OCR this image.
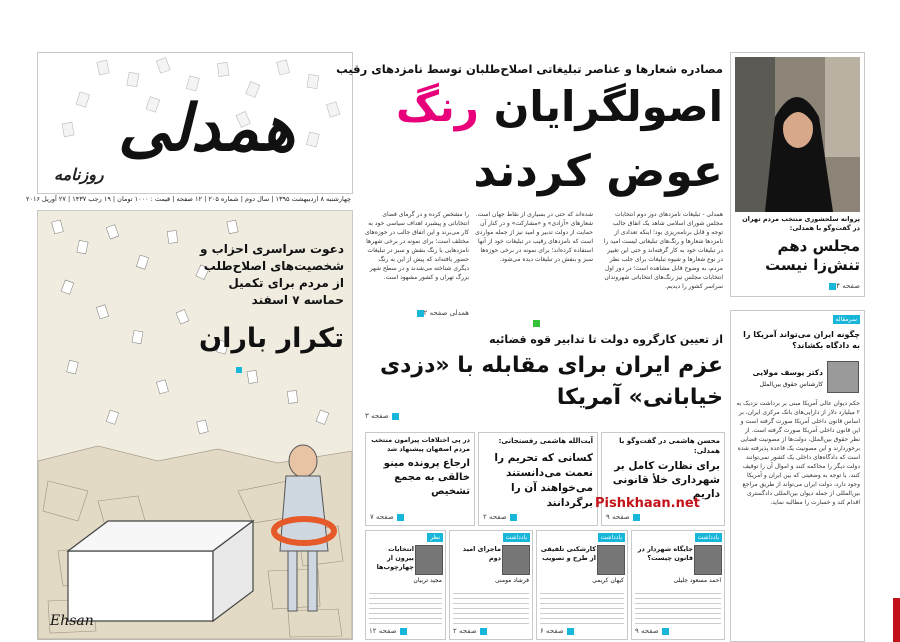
همدلی
روزنامه
چهارشنبه ۸ اردیبهشت ۱۳۹۵ | سال دوم | شماره ۲۰۵ | ۱۲ صفحه | قیمت : ۱۰۰۰ تومان | ۱۹ رجب ۱۴۳۷ | ۲۷ آوریل ۲۰۱۶
مصادره شعارها و عناصر تبلیغاتی اصلاح‌طلبان توسط نامزدهای رقیب
اصولگرایان رنگ
عوض کردند
همدلی - تبلیغات نامزدهای دور دوم انتخابات مجلس شورای اسلامی شاهد یک اتفاق جالب توجه و قابل برنامه‌ریزی بود؛ اینکه تعدادی از نامزدها شعارها و رنگ‌های تبلیغاتی لیست امید را در تبلیغات خود به کار گرفته‌اند و حتی این تغییر در نوع شعارها و شیوه تبلیغات برای جلب نظر مردم، به وضوح قابل مشاهده است؛ در دور اول انتخابات مجلس نیز رنگ‌های انتخاباتی شهروندان سراسر کشور را دیدیم.
شده‌اند که حتی در بسیاری از نقاط جهان است. شعارهای «آزادی» و «مشارکت» و در کنار آن حمایت از دولت تدبیر و امید نیز از جمله مواردی است که نامزدهای رقیب در تبلیغات خود از آنها استفاده کرده‌اند؛ برای نمونه در برخی حوزه‌ها سبز و بنفش در تبلیغات دیده می‌شود.
را مشخص کرده و در گرمای فضای انتخاباتی و پیشبرد اهداف سیاسی خود به کار می‌برند و این اتفاق جالب در حوزه‌های مختلف است؛ برای نمونه در برخی شهرها نامزدهایی با رنگ بنفش و سبز در تبلیغات حضور یافته‌اند که پیش از این به رنگ دیگری شناخته می‌شدند و در سطح شهر بزرگ تهران و کشور مشهود است.
همدلی صفحه ۲
پروانه سلحشوری منتخب مردم تهران در گفت‌وگو با همدلی:
مجلس دهم تنش‌زا نیست
صفحه ۴
دعوت سراسری احزاب و شخصیت‌های اصلاح‌طلب از مردم برای تکمیل حماسه ۷ اسفند
تکرار باران
Ehsan
از تعیین کارگروه دولت تا تدابیر قوه قضائیه
عزم ایران برای مقابله با «دزدی خیابانی» آمریکا
صفحه ۳
محسن هاشمی در گفت‌وگو با همدلی:
برای نظارت کامل بر شهرداری خلأ قانونی داریم
صفحه ۹
آیت‌الله هاشمی رفسنجانی:
کسانی که تحریم را نعمت می‌دانستند می‌خواهند آن را برگردانند
صفحه ۲
در پی اختلافات پیرامون منتخب مردم اصفهان پیشنهاد شد
ارجاع پرونده مینو خالقی به مجمع تشخیص
صفحه ۷
Pishkhaan.net
سرمقاله
چگونه ایران می‌تواند آمریکا را به دادگاه بکشاند؟
دکتر یوسف مولایی
کارشناس حقوق بین‌الملل
حکم دیوان عالی آمریکا مبنی بر برداشت نزدیک به ۲ میلیارد دلار از دارایی‌های بانک مرکزی ایران، بر اساس قانون داخلی آمریکا صورت گرفته است و این قانون داخلی آمریکا صورت گرفته است. از نظر حقوق بین‌الملل، دولت‌ها از مصونیت قضایی برخوردارند و این مصونیت یک قاعده پذیرفته شده است که دادگاه‌های داخلی یک کشور نمی‌توانند دولت دیگر را محاکمه کنند و اموال آن را توقیف کنند. با توجه به وضعیتی که بین ایران و آمریکا وجود دارد، دولت ایران می‌تواند از طریق مراجع بین‌المللی از جمله دیوان بین‌المللی دادگستری اقدام کند و خسارت را مطالبه نماید.
یادداشت
جایگاه شهردار در قانون چیست؟
احمد مسعود جلیلی
صفحه ۹
یادداشت
کارشکنی تلفیقی از طرح و تصویب
کیهان کریمی
صفحه ۶
یادداشت
ماجرای امید دوم
فرشاد مومنی
صفحه ۲
نظر
انتخابات بیرون از چهارچوب‌ها
مجید تربیان
صفحه ۱۲
